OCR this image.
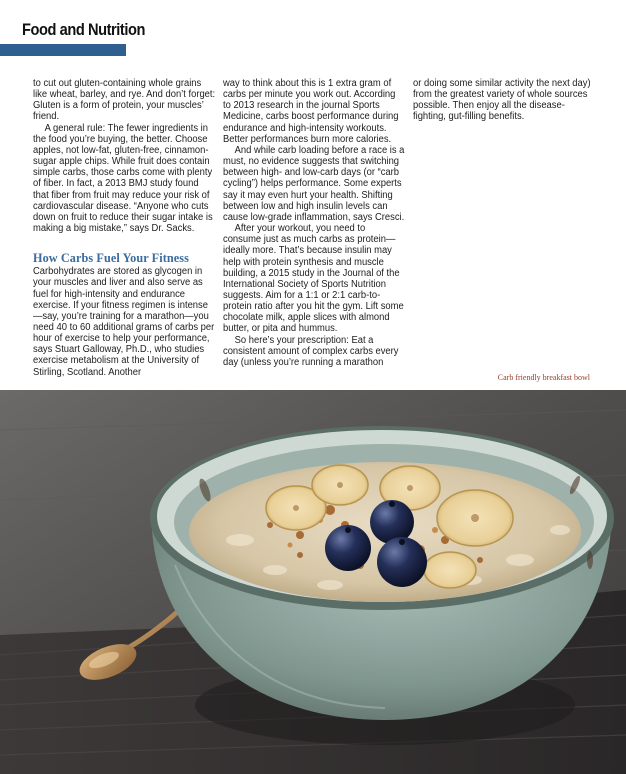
Food and Nutrition

to cut out gluten-containing whole grains like wheat, barley, and rye. And don’t forget: Gluten is a form of protein, your muscles’ friend.

A general rule: The fewer ingredients in the food you’re buying, the better. Choose apples, not low-fat, gluten-free, cinnamon-sugar apple chips. While fruit does contain simple carbs, those carbs come with plenty of fiber. In fact, a 2013 BMJ study found that fiber from fruit may reduce your risk of cardiovascular disease. “Anyone who cuts down on fruit to reduce their sugar intake is making a big mistake,” says Dr. Sacks.

How Carbs Fuel Your Fitness

Carbohydrates are stored as glycogen in your muscles and liver and also serve as fuel for high-intensity and endurance exercise. If your fitness regimen is intense—say, you’re training for a marathon—you need 40 to 60 additional grams of carbs per hour of exercise to help your performance, says Stuart Galloway, Ph.D., who studies exercise metabolism at the University of Stirling, Scotland. Another

way to think about this is 1 extra gram of carbs per minute you work out. According to 2013 research in the journal Sports Medicine, carbs boost performance during endurance and high-intensity workouts. Better performances burn more calories.

And while carb loading before a race is a must, no evidence suggests that switching between high- and low-carb days (or “carb cycling”) helps performance. Some experts say it may even hurt your health. Shifting between low and high insulin levels can cause low-grade inflammation, says Cresci.

After your workout, you need to consume just as much carbs as protein—ideally more. That’s because insulin may help with protein synthesis and muscle building, a 2015 study in the Journal of the International Society of Sports Nutrition suggests. Aim for a 1:1 or 2:1 carb-to-protein ratio after you hit the gym. Lift some chocolate milk, apple slices with almond butter, or pita and hummus.

So here’s your prescription: Eat a consistent amount of complex carbs every day (unless you’re running a marathon

or doing some similar activity the next day) from the greatest variety of whole sources possible. Then enjoy all the disease-fighting, gut-filling benefits.

Carb friendly breakfast bowl
